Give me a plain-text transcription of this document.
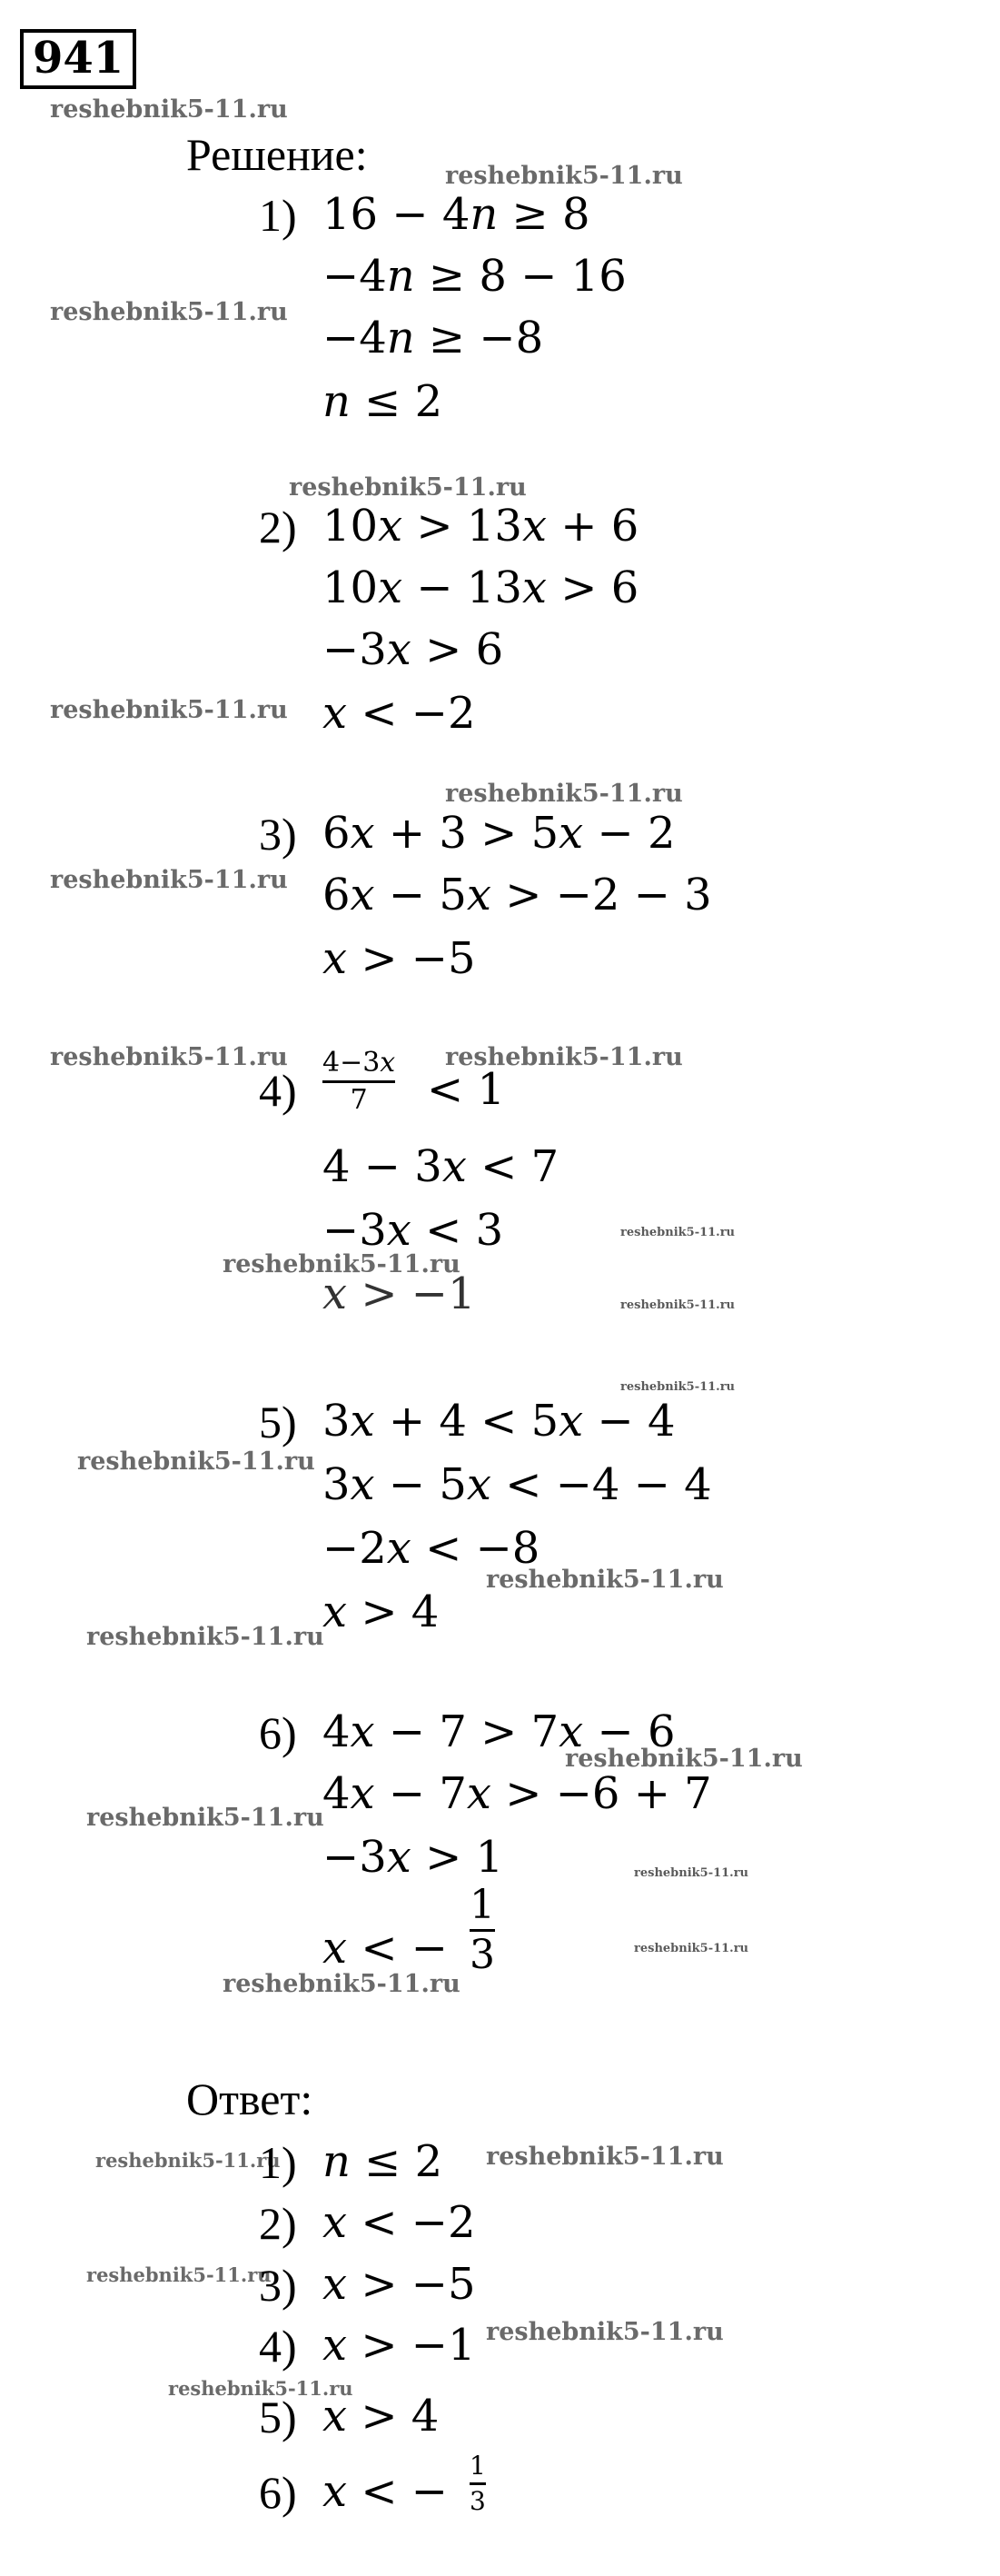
941
reshebnik5-11.ru
reshebnik5-11.ru
reshebnik5-11.ru
reshebnik5-11.ru
reshebnik5-11.ru
reshebnik5-11.ru
reshebnik5-11.ru
reshebnik5-11.ru	reshebnik5-11.ru
reshebnik5-11.ru
reshebnik5-11.ru
reshebnik5-11.ru
reshebnik5-11.ru
reshebnik5-11.ru
reshebnik5-11.ru
reshebnik5-11.ru
reshebnik5-11.ru
reshebnik5-11.ru
reshebnik5-11.ru
reshebnik5-11.ru
reshebnik5-11.ru
reshebnik5-11.ru	reshebnik5-11.ru
reshebnik5-11.ru
reshebnik5-11.ru
reshebnik5-11.ru
Решение:
1) 16 − 4𝑛 ≥ 8
−4𝑛 ≥ 8 − 16
−4𝑛 ≥ −8
𝑛 ≤ 2
2) 10𝑥 > 13𝑥 + 6
10𝑥 − 13𝑥 > 6
−3𝑥 > 6
𝑥 < −2
3) 6𝑥 + 3 > 5𝑥 − 2
6𝑥 − 5𝑥 > −2 − 3
𝑥 > −5
4)
4−3𝑥
7	< 1
4 − 3𝑥 < 7
−3𝑥 < 3
𝑥 > −1
5) 3𝑥 + 4 < 5𝑥 − 4
3𝑥 − 5𝑥 < −4 − 4
−2𝑥 < −8
𝑥 > 4
6) 4𝑥 − 7 > 7𝑥 − 6
4𝑥 − 7𝑥 > −6 + 7
−3𝑥 > 1
𝑥 < −
1
3
Ответ:
1) 𝑛 ≤ 2
2) 𝑥 < −2
3) 𝑥 > −5
4) 𝑥 > −1
5) 𝑥 > 4
6) 𝑥 < −
1
3
